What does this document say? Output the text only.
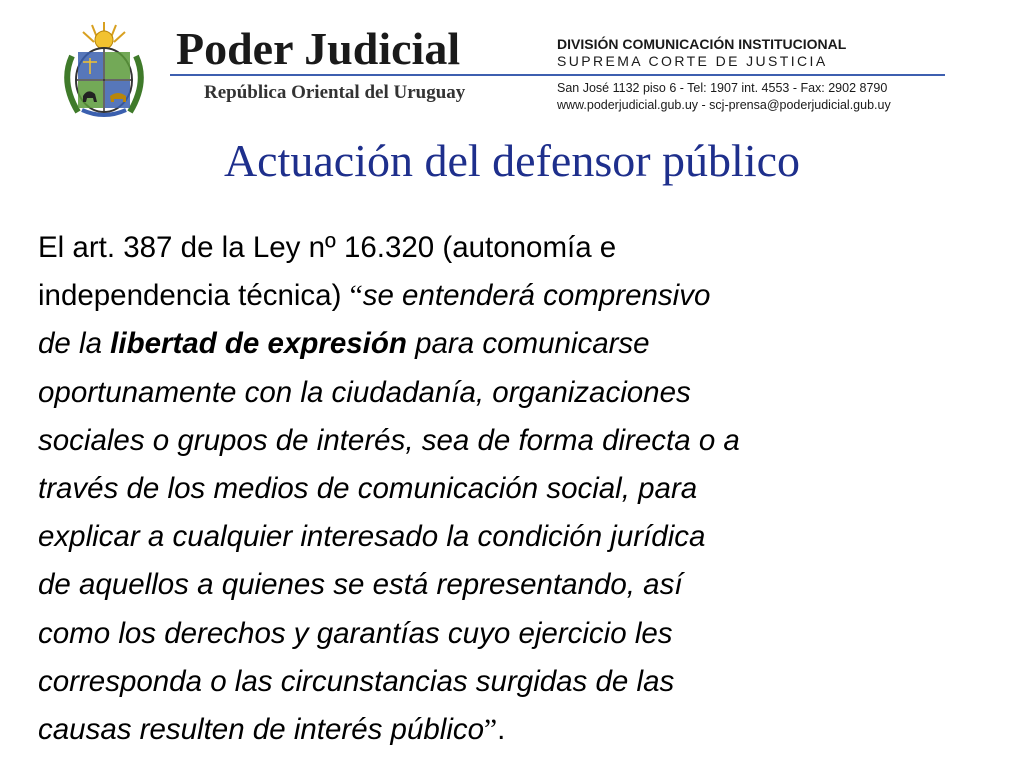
Poder Judicial
República Oriental del Uruguay
DIVISIÓN COMUNICACIÓN INSTITUCIONAL
SUPREMA CORTE DE JUSTICIA
San José 1132 piso 6 - Tel: 1907 int. 4553 - Fax: 2902 8790
www.poderjudicial.gub.uy - scj-prensa@poderjudicial.gub.uy
Actuación del defensor público

El art. 387 de la Ley nº 16.320 (autonomía e

independencia técnica) “se entenderá comprensivo

de la libertad de expresión para comunicarse

oportunamente con la ciudadanía, organizaciones

sociales o grupos de interés, sea de forma directa o a

través de los medios de comunicación social, para

explicar a cualquier interesado la condición jurídica

de aquellos a quienes se está representando, así

como los derechos y garantías cuyo ejercicio les

corresponda o las circunstancias surgidas de las

causas resulten de interés público”.
